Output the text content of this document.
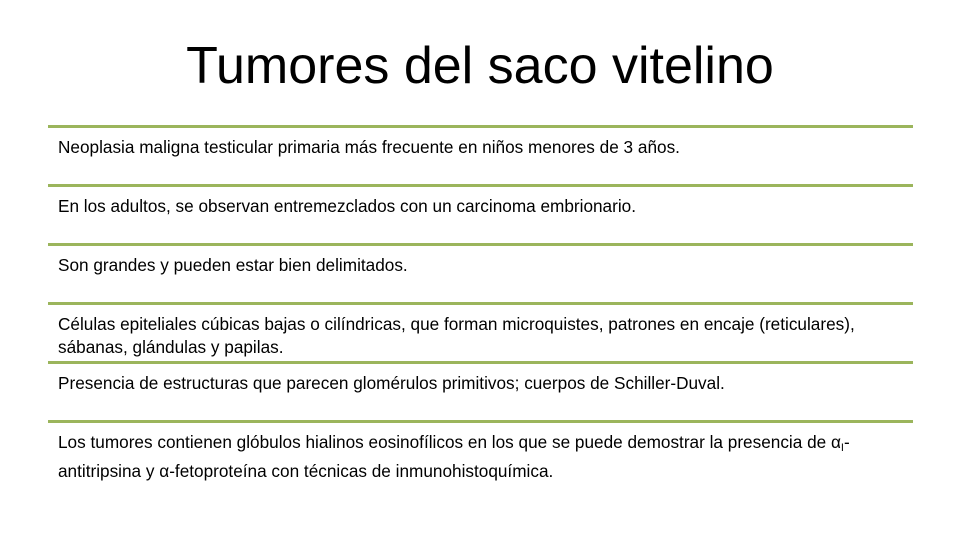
Tumores del saco vitelino
Neoplasia maligna testicular primaria más frecuente en niños menores de 3 años.
En los adultos, se observan entremezclados con un carcinoma embrionario.
Son grandes y pueden estar bien delimitados.
Células epiteliales cúbicas bajas o cilíndricas, que forman microquistes, patrones en encaje (reticulares), sábanas, glándulas y papilas.
Presencia de estructuras que parecen glomérulos primitivos; cuerpos de Schiller-Duval.
Los tumores contienen glóbulos hialinos eosinofílicos en los que se puede demostrar la presencia de $\alpha_I-$ antitripsina y α-fetoproteína con técnicas de inmunohistoquímica.
